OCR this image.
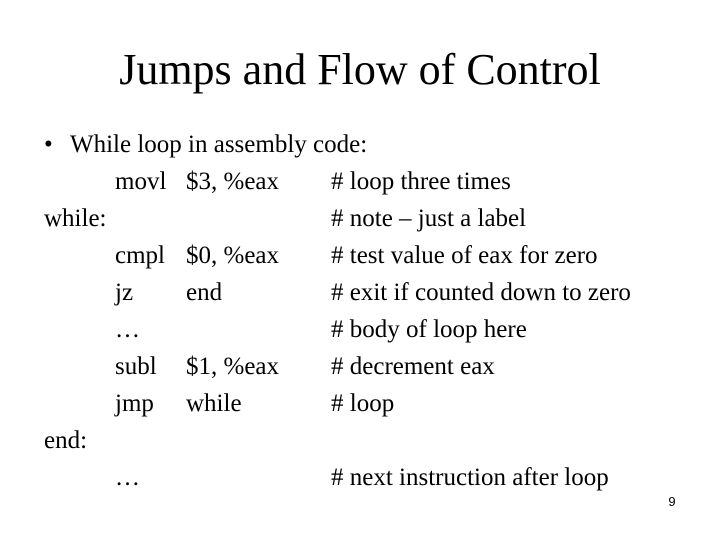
Jumps and Flow of Control
• While loop in assembly code:
movl $3, %eax # loop three times
while:	# note – just a label
cmpl $0, %eax # test value of eax for zero
jz end	# exit if counted down to zero
…	# body of loop here
subl $1, %eax # decrement eax
jmp while	# loop
end:
…	# next instruction after loop
9
